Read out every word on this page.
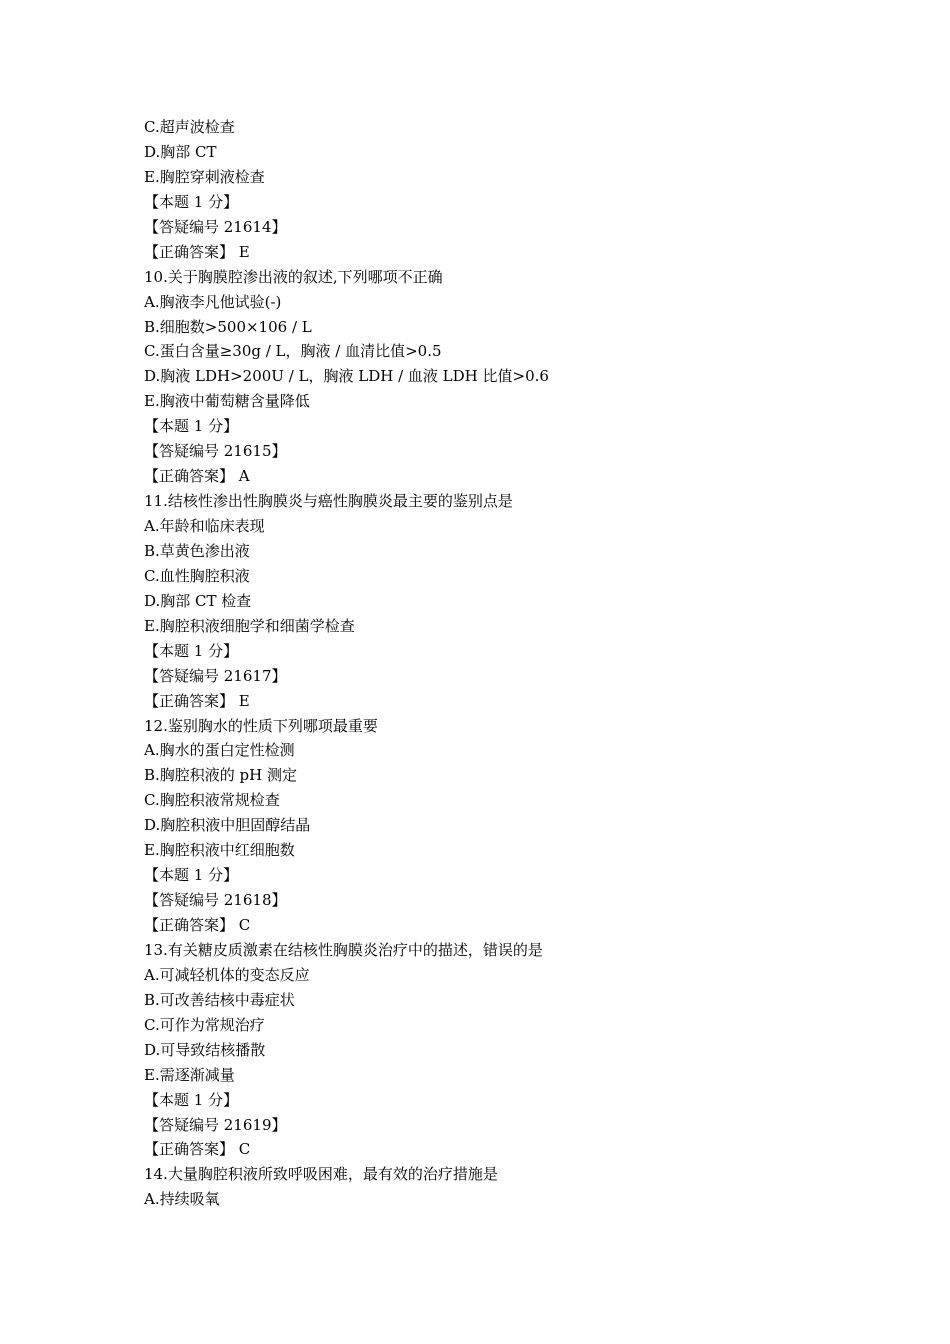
C.超声波检查

D.胸部 CT

E.胸腔穿刺液检查

【本题 1 分】

【答疑编号 21614】

【正确答案】 E

10.关于胸膜腔渗出液的叙述,下列哪项不正确

A.胸液李凡他试验(-)

B.细胞数>500×106 / L

C.蛋白含量≥30g / L，胸液 / 血清比值>0.5

D.胸液 LDH>200U / L，胸液 LDH / 血液 LDH 比值>0.6

E.胸液中葡萄糖含量降低

【本题 1 分】

【答疑编号 21615】

【正确答案】 A

11.结核性渗出性胸膜炎与癌性胸膜炎最主要的鉴别点是

A.年龄和临床表现

B.草黄色渗出液

C.血性胸腔积液

D.胸部 CT 检查

E.胸腔积液细胞学和细菌学检查

【本题 1 分】

【答疑编号 21617】

【正确答案】 E

12.鉴别胸水的性质下列哪项最重要

A.胸水的蛋白定性检测

B.胸腔积液的 pH 测定

C.胸腔积液常规检查

D.胸腔积液中胆固醇结晶

E.胸腔积液中红细胞数

【本题 1 分】

【答疑编号 21618】

【正确答案】 C

13.有关糖皮质激素在结核性胸膜炎治疗中的描述，错误的是

A.可减轻机体的变态反应

B.可改善结核中毒症状

C.可作为常规治疗

D.可导致结核播散

E.需逐渐减量

【本题 1 分】

【答疑编号 21619】

【正确答案】 C

14.大量胸腔积液所致呼吸困难，最有效的治疗措施是

A.持续吸氧
